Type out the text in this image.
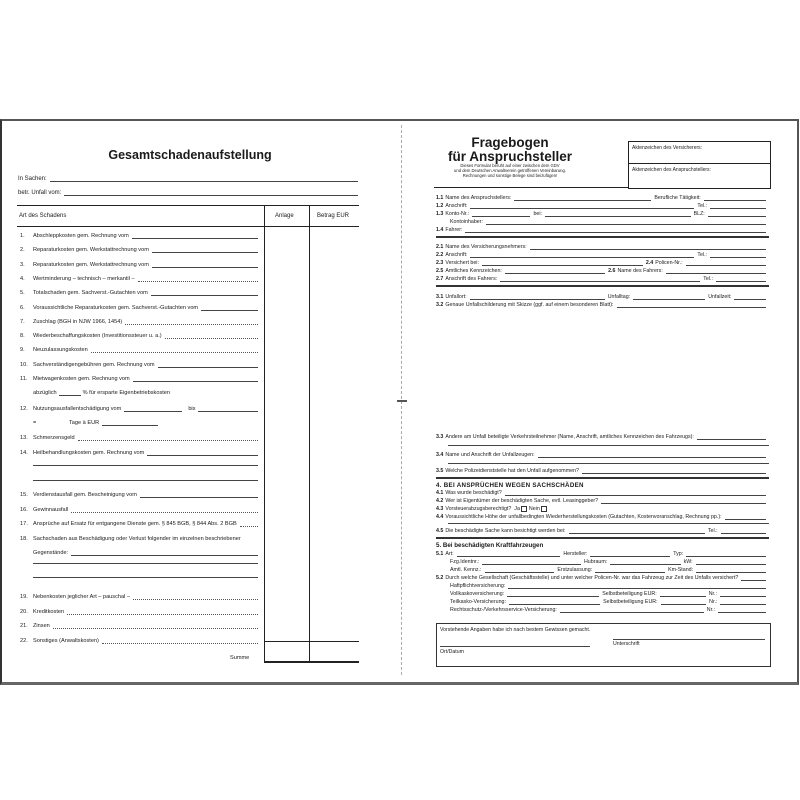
Gesamtschadenaufstellung
In Sachen:
betr. Unfall vom:
Art des Schadens	Anlage	Betrag EUR
1.	Abschleppkosten gem. Rechnung vom
2.	Reparaturkosten gem. Werkstattrechnung vom
3.	Reparaturkosten gem. Werkstattrechnung vom
4.	Wertminderung – technisch – merkantil –
5.	Totalschaden gem. Sachverst.-Gutachten vom
6.	Voraussichtliche Reparaturkosten gem. Sachverst.-Gutachten vom
7.	Zuschlag (BGH in NJW 1966, 1454)
8.	Wiederbeschaffungskosten (Investitionssteuer u. a.)
9.	Neuzulassungskosten
10. Sachverständigengebühren gem. Rechnung vom
11.	Mietwagenkosten gem. Rechnung vom
abzüglich	% für ersparte Eigenbetriebskosten
12. Nutzungsausfallentschädigung vom	bis
=	Tage à EUR
13. Schmerzensgeld
14. Heilbehandlungskosten gem. Rechnung vom
15. Verdienstausfall gem. Bescheinigung vom
16. Gewinnausfall
17. Ansprüche auf Ersatz für entgangene Dienste gem. § 845 BGB, § 844 Abs. 2 BGB
18. Sachschaden aus Beschädigung oder Verlust folgender im einzelnen beschriebener
Gegenstände:
19. Nebenkosten jeglicher Art – pauschal –
20. Kreditkosten
21. Zinsen
22. Sonstiges (Anwaltskosten)
Summe
Fragebogen
für Anspruchsteller
Dieses Formular beruht auf einer zwischen dem GDV
und dem Deutschen Anwaltverein getroffenen Vereinbarung.
Rechnungen und sonstige Belege sind beizufügen!
Aktenzeichen des Versicherers:
Aktenzeichen des Anspruchstellers:
1.1 Name des Anspruchstellers:	Berufliche Tätigkeit:
1.2 Anschrift:	Tel.:
1.3 Konto-Nr.:	bei:	BLZ:
Kontoinhaber:
1.4 Fahrer:
2.1 Name des Versicherungsnehmers:
2.2 Anschrift:	Tel.:
2.3 Versichert bei:	2.4 Policen-Nr.:
2.5 Amtliches Kennzeichen:	2.6 Name des Fahrers:
2.7 Anschrift des Fahrers:	Tel.:
3.1 Unfallort:	Unfalltag:	Unfallzeit:
3.2 Genaue Unfallschilderung mit Skizze (ggf. auf einem besonderen Blatt):
3.3 Andere am Unfall beteiligte Verkehrsteilnehmer (Name, Anschrift, amtliches Kennzeichen des Fahrzeugs):
3.4 Name und Anschrift der Unfallzeugen:
3.5 Welche Polizeidienststelle hat den Unfall aufgenommen?
4. BEI ANSPRÜCHEN WEGEN SACHSCHÄDEN
4.1 Was wurde beschädigt?
4.2 Wer ist Eigentümer der beschädigten Sache, evtl. Leasinggeber?
4.3 Vorsteuerabzugsberechtigt?
Ja Nein
4.4 Voraussichtliche Höhe der unfallbedingten Wiederherstellungskosten (Gutachten, Kostenvoranschlag, Rechnung pp.):
4.5 Die beschädigte Sache kann besichtigt werden bei:	Tel.:
5. Bei beschädigten Kraftfahrzeugen
5.1 Art:	Hersteller:	Typ:
Fzg.Identnr.:	Hubraum:	kW:
Amtl. Kennz.:	Erstzulassung:	Km-Stand:
5.2 Durch welche Gesellschaft (Geschäftsstelle) und unter welcher Policen-Nr. war das Fahrzeug zur Zeit des Unfalls versichert?
Haftpflichtversicherung:
Vollkaskoversicherung:	Selbstbeteiligung EUR:	Nr.:
Teilkasko-Versicherung:	Selbstbeteiligung EUR:	Nr.:
Rechtsschutz-/Verkehrsservice-Versicherung:	Nr.:
Vorstehende Angaben habe ich nach bestem Gewissen gemacht.
Unterschrift
Ort/Datum
